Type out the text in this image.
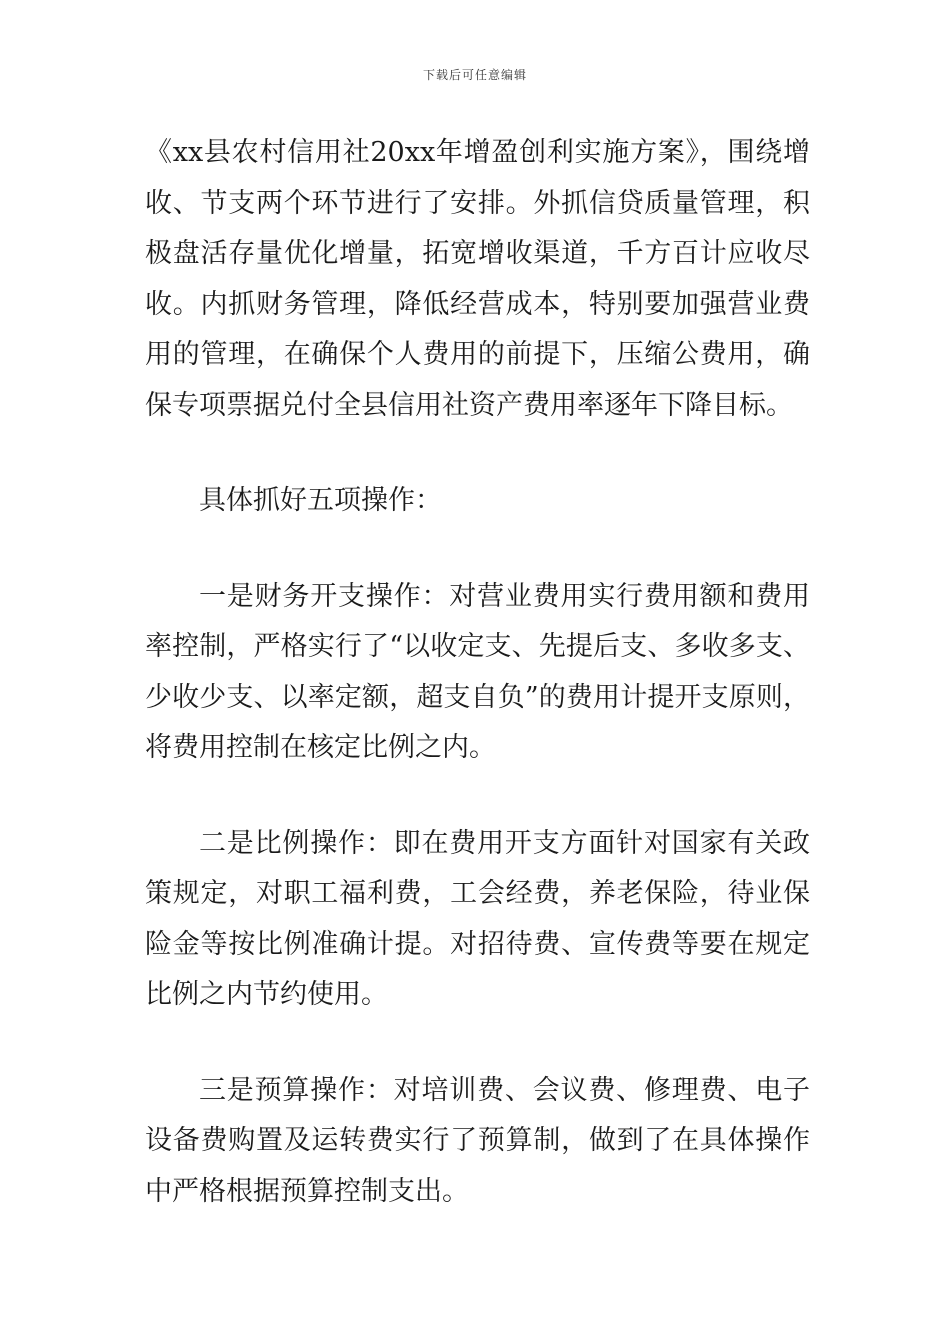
下载后可任意编辑

《xx县农村信用社20xx年增盈创利实施方案》，围绕增收、节支两个环节进行了安排。外抓信贷质量管理，积极盘活存量优化增量，拓宽增收渠道，千方百计应收尽收。内抓财务管理，降低经营成本，特别要加强营业费用的管理，在确保个人费用的前提下，压缩公费用，确保专项票据兑付全县信用社资产费用率逐年下降目标。

具体抓好五项操作：

一是财务开支操作：对营业费用实行费用额和费用率控制，严格实行了“以收定支、先提后支、多收多支、少收少支、以率定额，超支自负”的费用计提开支原则，将费用控制在核定比例之内。

二是比例操作：即在费用开支方面针对国家有关政策规定，对职工福利费，工会经费，养老保险，待业保险金等按比例准确计提。对招待费、宣传费等要在规定比例之内节约使用。

三是预算操作：对培训费、会议费、修理费、电子设备费购置及运转费实行了预算制，做到了在具体操作中严格根据预算控制支出。
